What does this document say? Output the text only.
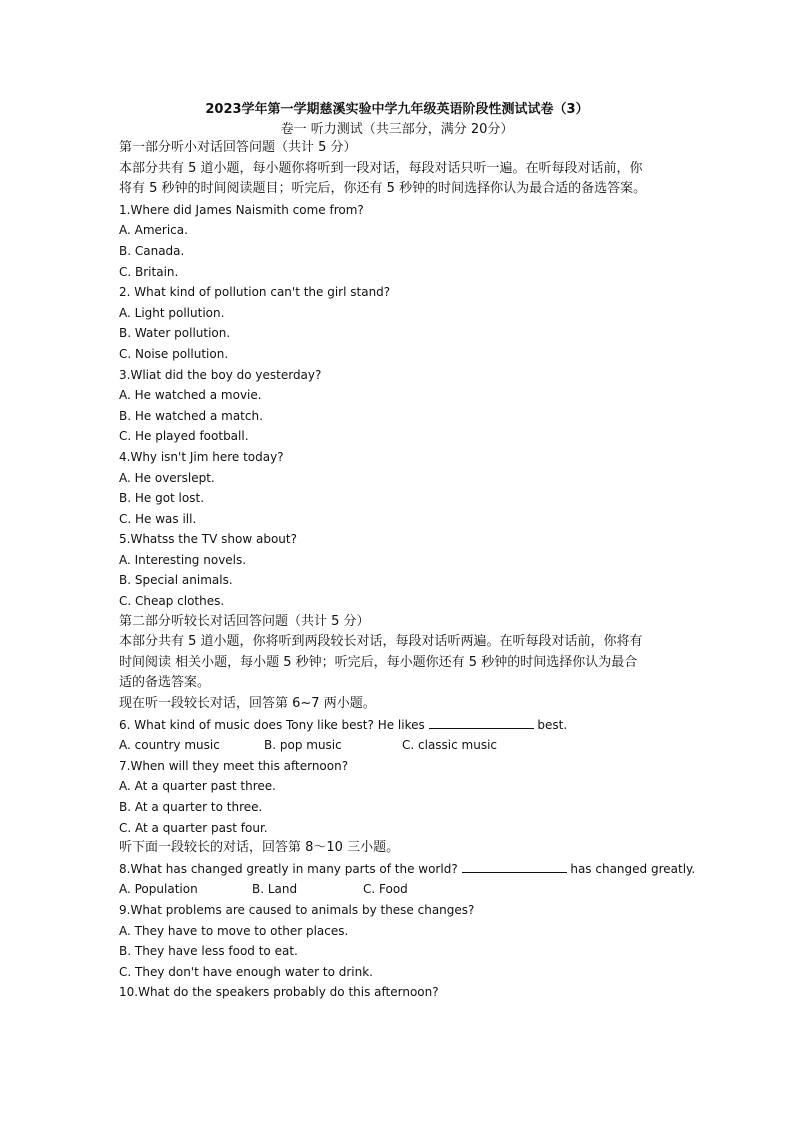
2023学年第一学期慈溪实验中学九年级英语阶段性测试试卷（3）
卷一 听力测试（共三部分，满分 20分）
第一部分听小对话回答问题（共计 5 分）
本部分共有 5 道小题，每小题你将听到一段对话，每段对话只听一遍。在听每段对话前，你
将有 5 秒钟的时间阅读题目；听完后，你还有 5 秒钟的时间选择你认为最合适的备选答案。
1.Where did James Naismith come from?
A. America.
B. Canada.
C. Britain.
2. What kind of pollution can't the girl stand?
A. Light pollution.
B. Water pollution.
C. Noise pollution.
3.Wliat did the boy do yesterday?
A. He watched a movie.
B. He watched a match.
C. He played football.
4.Why isn't Jim here today?
A. He overslept.
B. He got lost.
C. He was ill.
5.Whatss the TV show about?
A. Interesting novels.
B. Special animals.
C. Cheap clothes.
第二部分听较长对话回答问题（共计 5 分）
本部分共有 5 道小题，你将听到两段较长对话，每段对话听两遍。在听每段对话前，你将有
时间阅读 相关小题，每小题 5 秒钟；听完后，每小题你还有 5 秒钟的时间选择你认为最合
适的备选答案。
现在听一段较长对话，回答第 6~7 两小题。
6. What kind of music does Tony like best? He likes	best.
A. country music	B. pop music	C. classic music
7.When will they meet this afternoon?
A. At a quarter past three.
B. At a quarter to three.
C. At a quarter past four.
听下面一段较长的对话，回答第 8～10 三小题。
8.What has changed greatly in many parts of the world?	has changed greatly.
A. Population	B. Land	C. Food
9.What problems are caused to animals by these changes?
A. They have to move to other places.
B. They have less food to eat.
C. They don't have enough water to drink.
10.What do the speakers probably do this afternoon?
